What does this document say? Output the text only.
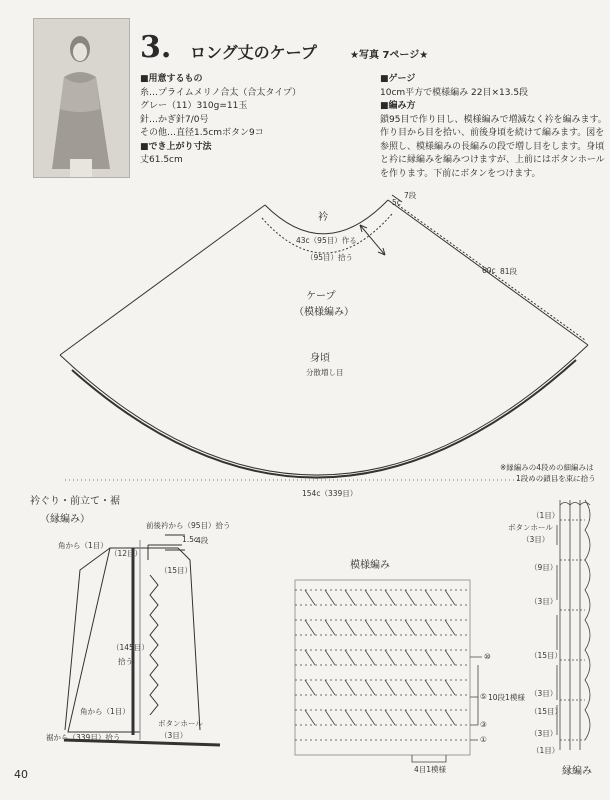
3. ロング丈のケープ	★写真 7ページ★
■用意するもの
糸…プライムメリノ合太（合太タイプ）
グレー（11）310g=11玉
針…かぎ針7/0号
その他…直径1.5cmボタン9コ
■でき上がり寸法
丈61.5cm
■ゲージ
10cm平方で模様編み 22目×13.5段
■編み方
鎖95目で作り目し、模様編みで増減なく衿を編みます。
作り目から目を拾い、前後身頃を続けて編みます。図を
参照し、模様編みの長編みの段で増し目をします。身頃
と衿に縁編みを編みつけますが、上前にはボタンホール
を作ります。下前にボタンをつけます。
衿
5c
7段
43c（95目）作る
（95目）拾う
60c 81段
ケープ
（模様編み）
身頃
分散増し目
154c（339目）
衿ぐり・前立て・裾
（縁編み）
前後衿から（95目）拾う
1.5c
4段
角から（1目）
（12目）
（15目）
（145目）
拾う
角から（1目）
ボタンホール
（3目）
裾から（339目）拾う
模様編み
⑩
⑤
③
①
10段1模様
4目1模様
※縁編みの4段めの細編みは
1段めの鎖目を束に拾う
（1目）
ボタンホール
（3目）
（9目）
（3目）
（15目）
（3目）
（15目）
（3目）
（1目）
縁編み
40
